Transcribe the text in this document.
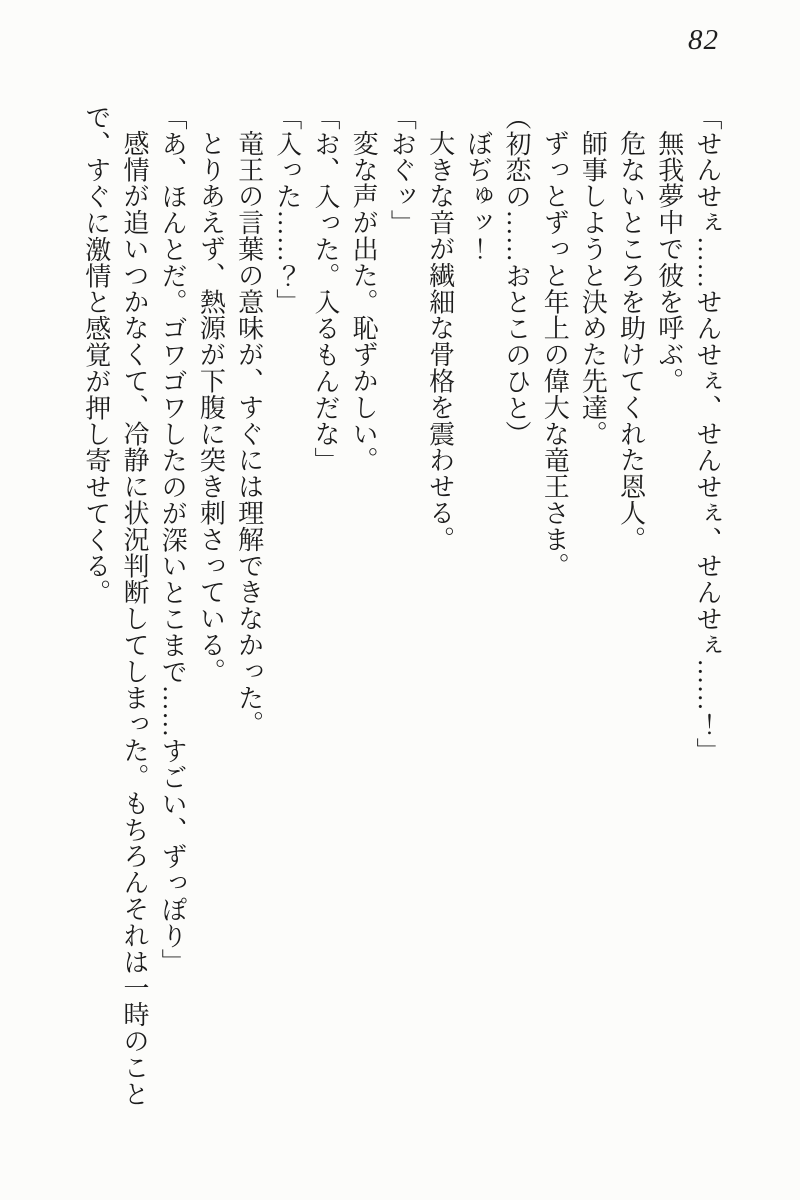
82

「せんせぇ……せんせぇ、せんせぇ、せんせぇ……！」

無我夢中で彼を呼ぶ。

危ないところを助けてくれた恩人。

師事しようと決めた先達。

ずっとずっと年上の偉大な竜王さま。

（初恋の……おとこのひと）

ぼぢゅッ！

大きな音が繊細な骨格を震わせる。

「おぐッ」

変な声が出た。恥ずかしい。

「お、入った。入るもんだな」

「入った……？」

竜王の言葉の意味が、すぐには理解できなかった。

とりあえず、熱源が下腹に突き刺さっている。

「あ、ほんとだ。ゴワゴワしたのが深いとこまで……すごい、ずっぽり」

感情が追いつかなくて、冷静に状況判断してしまった。もちろんそれは一時のことで、すぐに激情と感覚が押し寄せてくる。
